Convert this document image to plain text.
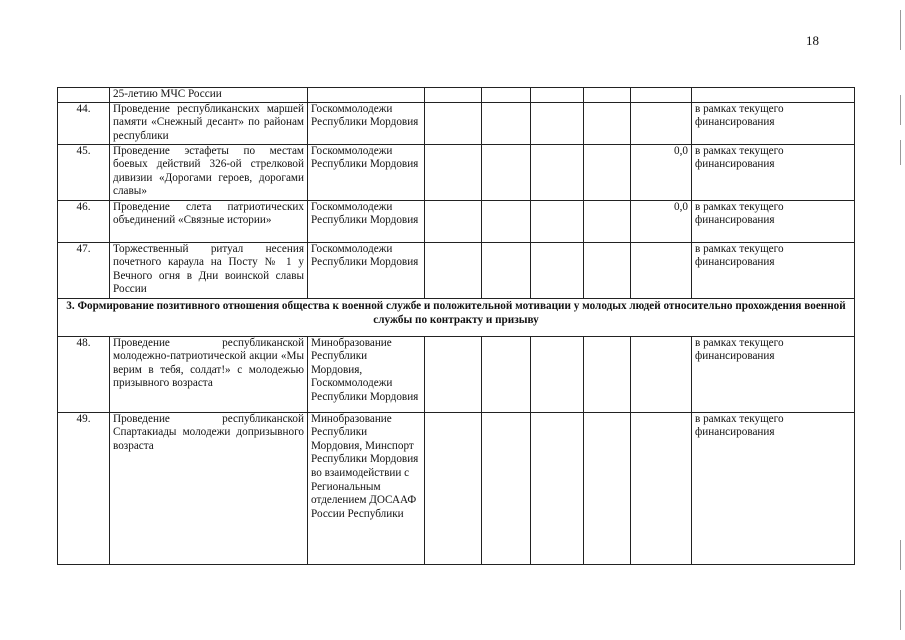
18
	25-летию МЧС России							
44.	Проведение республиканских маршей памяти «Снежный десант» по районам республики	Госкоммолодежи Республики Мордовия						в рамках текущего финансирования
45.	Проведение эстафеты по местам боевых действий 326-ой стрелковой дивизии «Дорогами героев, дорогами славы»	Госкоммолодежи Республики Мордовия					0,0	в рамках текущего финансирования
46.	Проведение слета патриотических объединений «Связные истории»	Госкоммолодежи Республики Мордовия					0,0	в рамках текущего финансирования
47.	Торжественный ритуал несения почетного караула на Посту № 1 у Вечного огня в Дни воинской славы России	Госкоммолодежи Республики Мордовия						в рамках текущего финансирования
3. Формирование позитивного отношения общества к военной службе и положительной мотивации у молодых людей относительно прохождения военной службы по контракту и призыву								
48.	Проведение республиканской молодежно-патриотической акции «Мы верим в тебя, солдат!» с молодежью призывного возраста	Минобразование Республики Мордовия, Госкоммолодежи Республики Мордовия						в рамках текущего финансирования
49.	Проведение республиканской Спартакиады молодежи допризывного возраста	Минобразование Республики Мордовия, Минспорт Республики Мордовия во взаимодействии с Региональным отделением ДОСААФ России Республики						в рамках текущего финансирования
